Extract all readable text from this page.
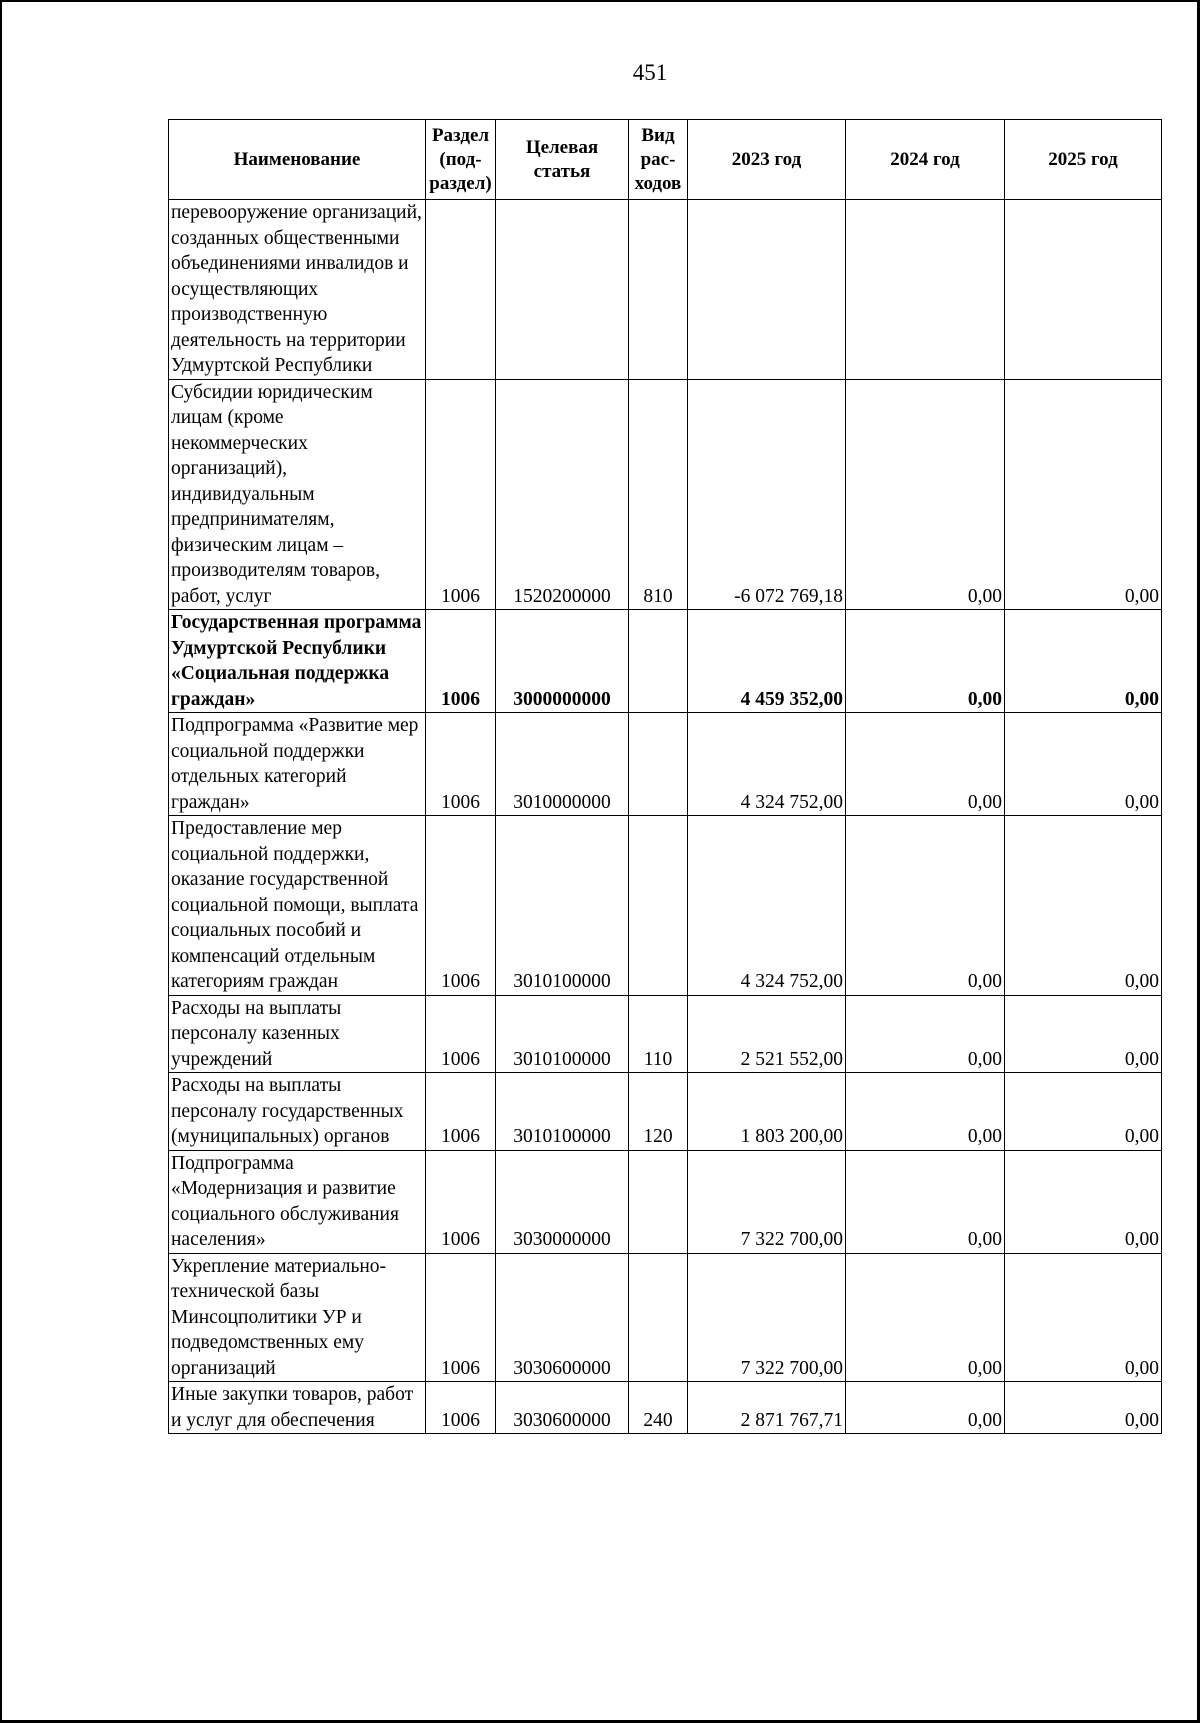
451
Наименование	Раздел (под-раздел)	Целевая статья	Вид рас-ходов	2023 год	2024 год	2025 год
перевооружение организаций, созданных общественными объединениями инвалидов и осуществляющих производственную деятельность на территории Удмуртской Республики						
Субсидии юридическим лицам (кроме некоммерческих организаций), индивидуальным предпринимателям, физическим лицам – производителям товаров, работ, услуг	1006	1520200000	810	-6 072 769,18	0,00	0,00
Государственная программа Удмуртской Республики «Социальная поддержка граждан»	1006	3000000000		4 459 352,00	0,00	0,00
Подпрограмма «Развитие мер социальной поддержки отдельных категорий граждан»	1006	3010000000		4 324 752,00	0,00	0,00
Предоставление мер социальной поддержки, оказание государственной социальной помощи, выплата социальных пособий и компенсаций отдельным категориям граждан	1006	3010100000		4 324 752,00	0,00	0,00
Расходы на выплаты персоналу казенных учреждений	1006	3010100000	110	2 521 552,00	0,00	0,00
Расходы на выплаты персоналу государственных (муниципальных) органов	1006	3010100000	120	1 803 200,00	0,00	0,00
Подпрограмма «Модернизация и развитие социального обслуживания населения»	1006	3030000000		7 322 700,00	0,00	0,00
Укрепление материально-технической базы Минсоцполитики УР и подведомственных ему организаций	1006	3030600000		7 322 700,00	0,00	0,00
Иные закупки товаров, работ и услуг для обеспечения	1006	3030600000	240	2 871 767,71	0,00	0,00
